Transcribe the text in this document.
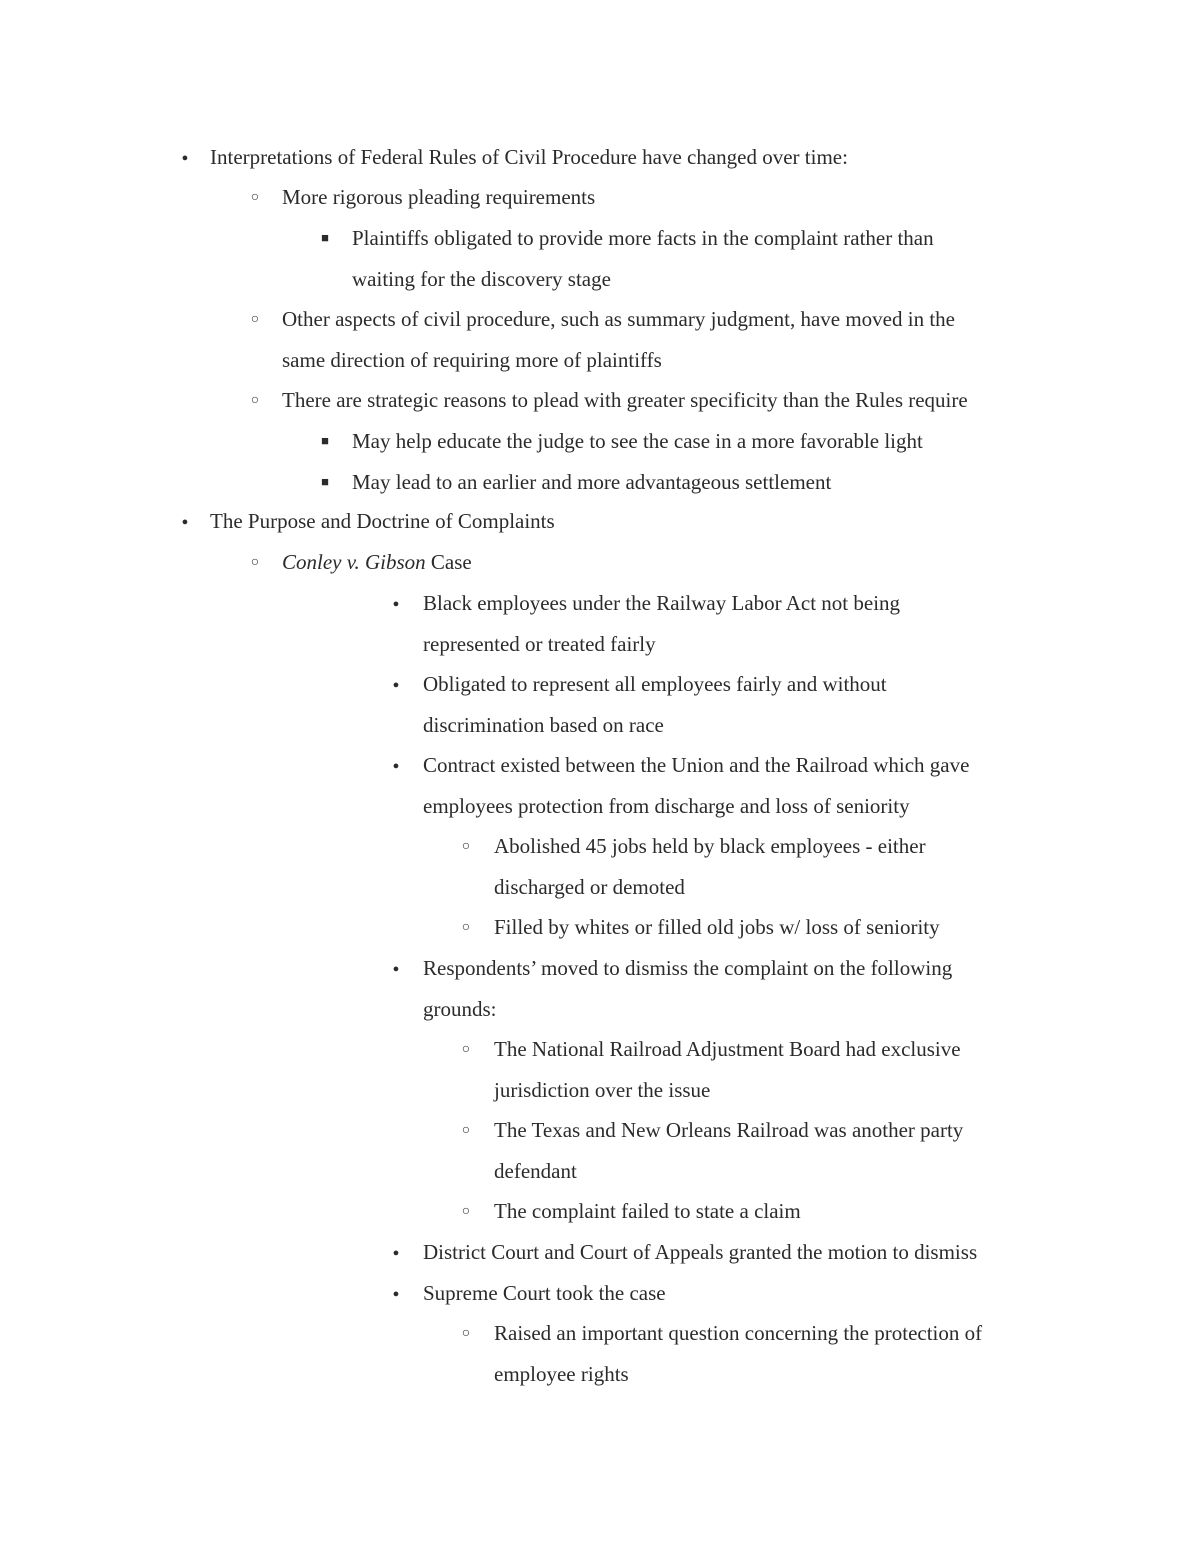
●
Interpretations of Federal Rules of Civil Procedure have changed over time:
○
More rigorous pleading requirements
■
Plaintiffs obligated to provide more facts in the complaint rather than
waiting for the discovery stage
○
Other aspects of civil procedure, such as summary judgment, have moved in the
same direction of requiring more of plaintiffs
○
There are strategic reasons to plead with greater specificity than the Rules require
■
May help educate the judge to see the case in a more favorable light
■
May lead to an earlier and more advantageous settlement
●
The Purpose and Doctrine of Complaints
○
Conley v. Gibson Case
●
Black employees under the Railway Labor Act not being
represented or treated fairly
●
Obligated to represent all employees fairly and without
discrimination based on race
●
Contract existed between the Union and the Railroad which gave
employees protection from discharge and loss of seniority
○
Abolished 45 jobs held by black employees - either
discharged or demoted
○
Filled by whites or filled old jobs w/ loss of seniority
●
Respondents’ moved to dismiss the complaint on the following
grounds:
○
The National Railroad Adjustment Board had exclusive
jurisdiction over the issue
○
The Texas and New Orleans Railroad was another party
defendant
○
The complaint failed to state a claim
●
District Court and Court of Appeals granted the motion to dismiss
●
Supreme Court took the case
○
Raised an important question concerning the protection of
employee rights
